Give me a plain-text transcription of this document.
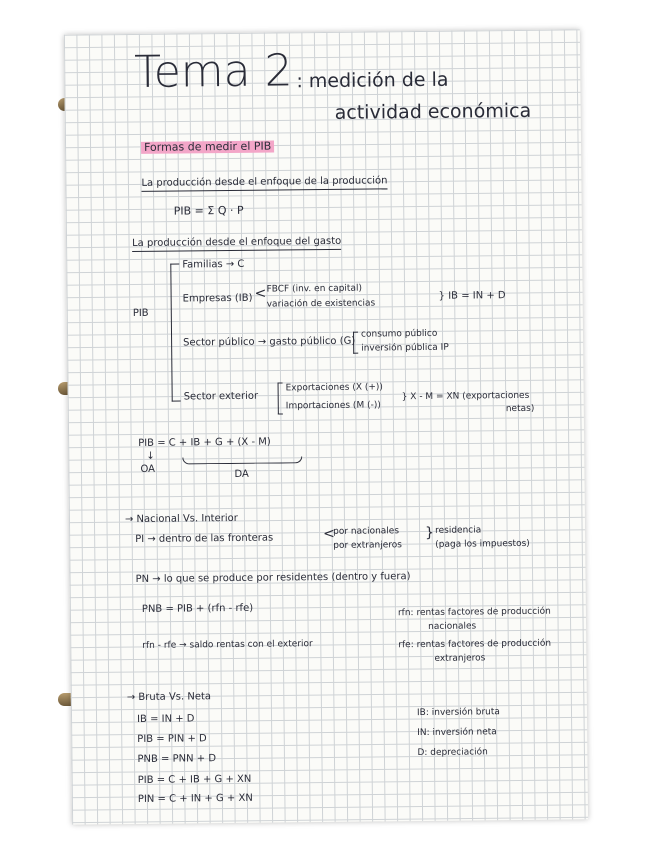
Tema 2 : medición de la
actividad económica
Formas de medir el PIB
La producción desde el enfoque de la producción
PIB = Σ Q · P
La producción desde el enfoque del gasto
PIB
Familias → C
Empresas (IB) < FBCF (inv. en capital)
variación de existencias
} IB = IN + D
Sector público → gasto público (G)
consumo público
inversión pública IP
Sector exterior
Exportaciones (X (+))
Importaciones (M (-))
} X - M = XN (exportaciones
netas)
PIB = C + IB + G + (X - M)
↓
OA	DA
→ Nacional Vs. Interior
PI → dentro de las fronteras	<
por nacionales
por extranjeros
} residencia
(paga los impuestos)
PN → lo que se produce por residentes (dentro y fuera)
PNB = PIB + (rfn - rfe)	rfn: rentas factores de producción
nacionales
rfn - rfe → saldo rentas con el exterior	rfe: rentas factores de producción
extranjeros
→ Bruta Vs. Neta
IB = IN + D
PIB = PIN + D
PNB = PNN + D
PIB = C + IB + G + XN
PIN = C + IN + G + XN
IB: inversión bruta
IN: inversión neta
D: depreciación
